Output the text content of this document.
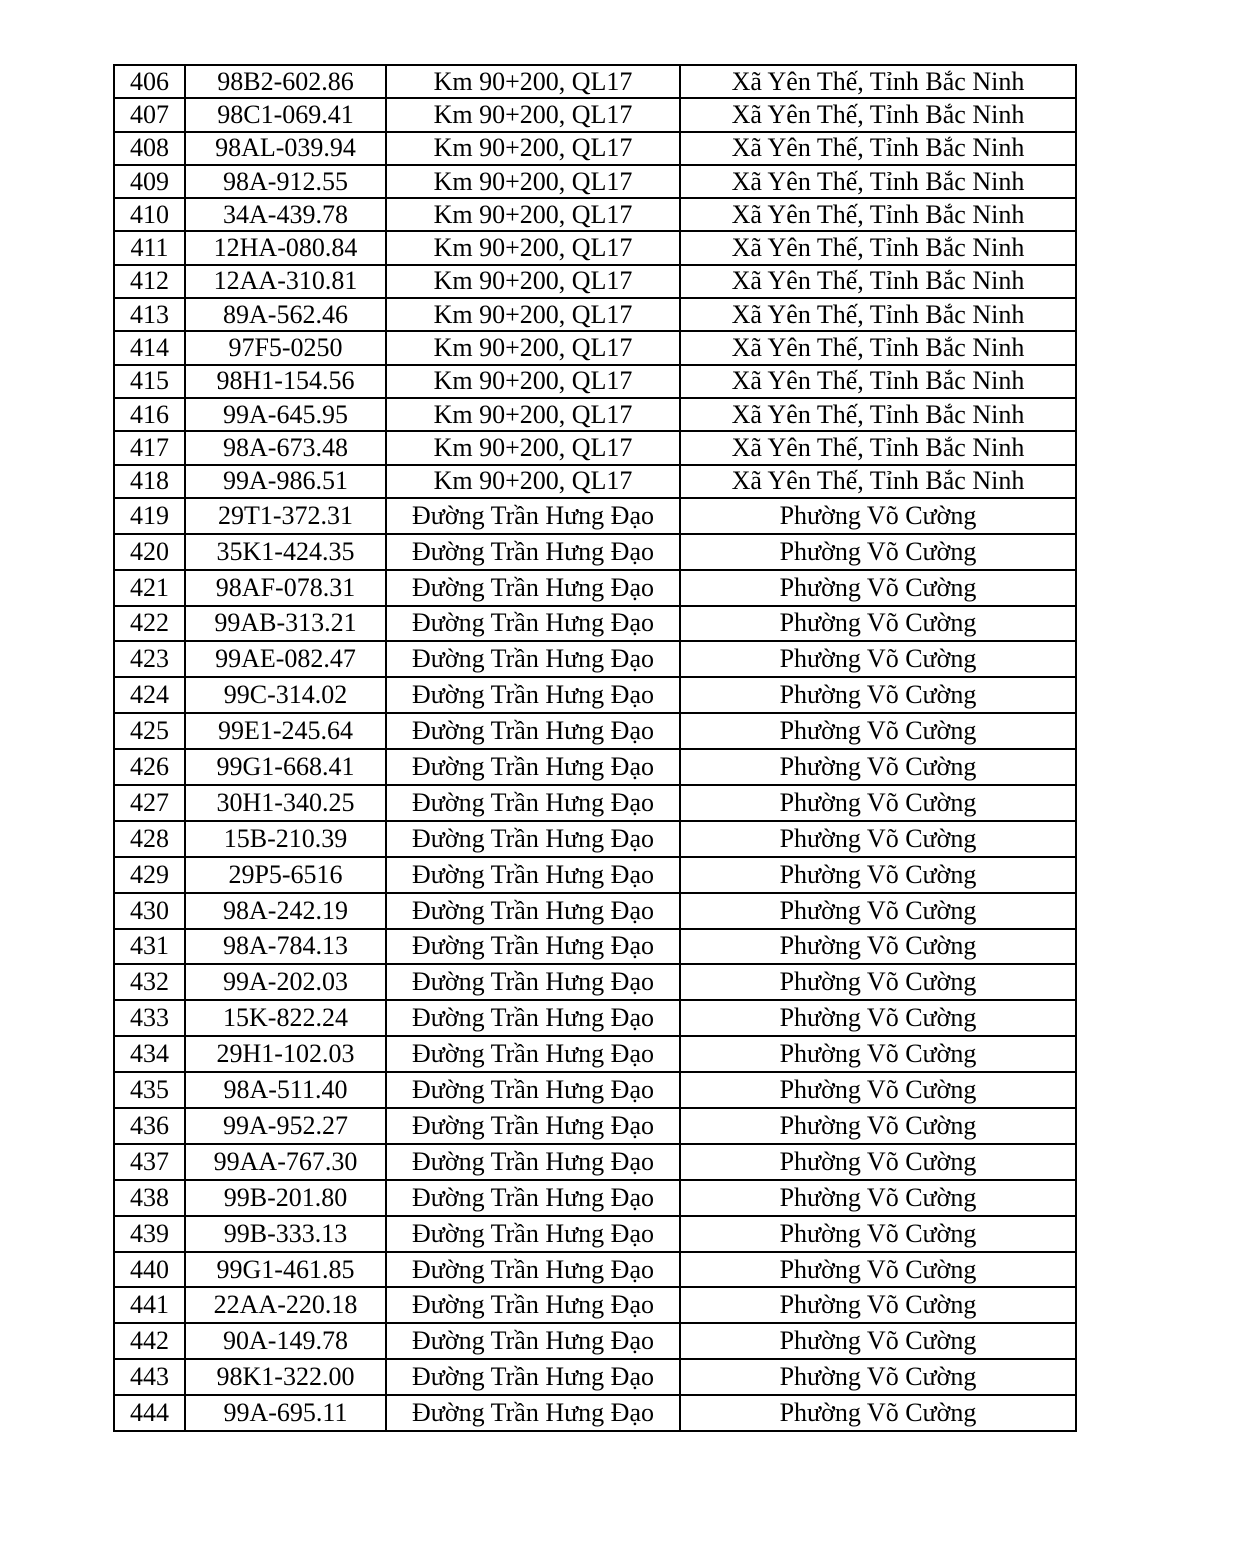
406	98B2-602.86	Km 90+200, QL17	Xã Yên Thế, Tỉnh Bắc Ninh
407	98C1-069.41	Km 90+200, QL17	Xã Yên Thế, Tỉnh Bắc Ninh
408	98AL-039.94	Km 90+200, QL17	Xã Yên Thế, Tỉnh Bắc Ninh
409	98A-912.55	Km 90+200, QL17	Xã Yên Thế, Tỉnh Bắc Ninh
410	34A-439.78	Km 90+200, QL17	Xã Yên Thế, Tỉnh Bắc Ninh
411	12HA-080.84	Km 90+200, QL17	Xã Yên Thế, Tỉnh Bắc Ninh
412	12AA-310.81	Km 90+200, QL17	Xã Yên Thế, Tỉnh Bắc Ninh
413	89A-562.46	Km 90+200, QL17	Xã Yên Thế, Tỉnh Bắc Ninh
414	97F5-0250	Km 90+200, QL17	Xã Yên Thế, Tỉnh Bắc Ninh
415	98H1-154.56	Km 90+200, QL17	Xã Yên Thế, Tỉnh Bắc Ninh
416	99A-645.95	Km 90+200, QL17	Xã Yên Thế, Tỉnh Bắc Ninh
417	98A-673.48	Km 90+200, QL17	Xã Yên Thế, Tỉnh Bắc Ninh
418	99A-986.51	Km 90+200, QL17	Xã Yên Thế, Tỉnh Bắc Ninh
419	29T1-372.31	Đường Trần Hưng Đạo	Phường Võ Cường
420	35K1-424.35	Đường Trần Hưng Đạo	Phường Võ Cường
421	98AF-078.31	Đường Trần Hưng Đạo	Phường Võ Cường
422	99AB-313.21	Đường Trần Hưng Đạo	Phường Võ Cường
423	99AE-082.47	Đường Trần Hưng Đạo	Phường Võ Cường
424	99C-314.02	Đường Trần Hưng Đạo	Phường Võ Cường
425	99E1-245.64	Đường Trần Hưng Đạo	Phường Võ Cường
426	99G1-668.41	Đường Trần Hưng Đạo	Phường Võ Cường
427	30H1-340.25	Đường Trần Hưng Đạo	Phường Võ Cường
428	15B-210.39	Đường Trần Hưng Đạo	Phường Võ Cường
429	29P5-6516	Đường Trần Hưng Đạo	Phường Võ Cường
430	98A-242.19	Đường Trần Hưng Đạo	Phường Võ Cường
431	98A-784.13	Đường Trần Hưng Đạo	Phường Võ Cường
432	99A-202.03	Đường Trần Hưng Đạo	Phường Võ Cường
433	15K-822.24	Đường Trần Hưng Đạo	Phường Võ Cường
434	29H1-102.03	Đường Trần Hưng Đạo	Phường Võ Cường
435	98A-511.40	Đường Trần Hưng Đạo	Phường Võ Cường
436	99A-952.27	Đường Trần Hưng Đạo	Phường Võ Cường
437	99AA-767.30	Đường Trần Hưng Đạo	Phường Võ Cường
438	99B-201.80	Đường Trần Hưng Đạo	Phường Võ Cường
439	99B-333.13	Đường Trần Hưng Đạo	Phường Võ Cường
440	99G1-461.85	Đường Trần Hưng Đạo	Phường Võ Cường
441	22AA-220.18	Đường Trần Hưng Đạo	Phường Võ Cường
442	90A-149.78	Đường Trần Hưng Đạo	Phường Võ Cường
443	98K1-322.00	Đường Trần Hưng Đạo	Phường Võ Cường
444	99A-695.11	Đường Trần Hưng Đạo	Phường Võ Cường
